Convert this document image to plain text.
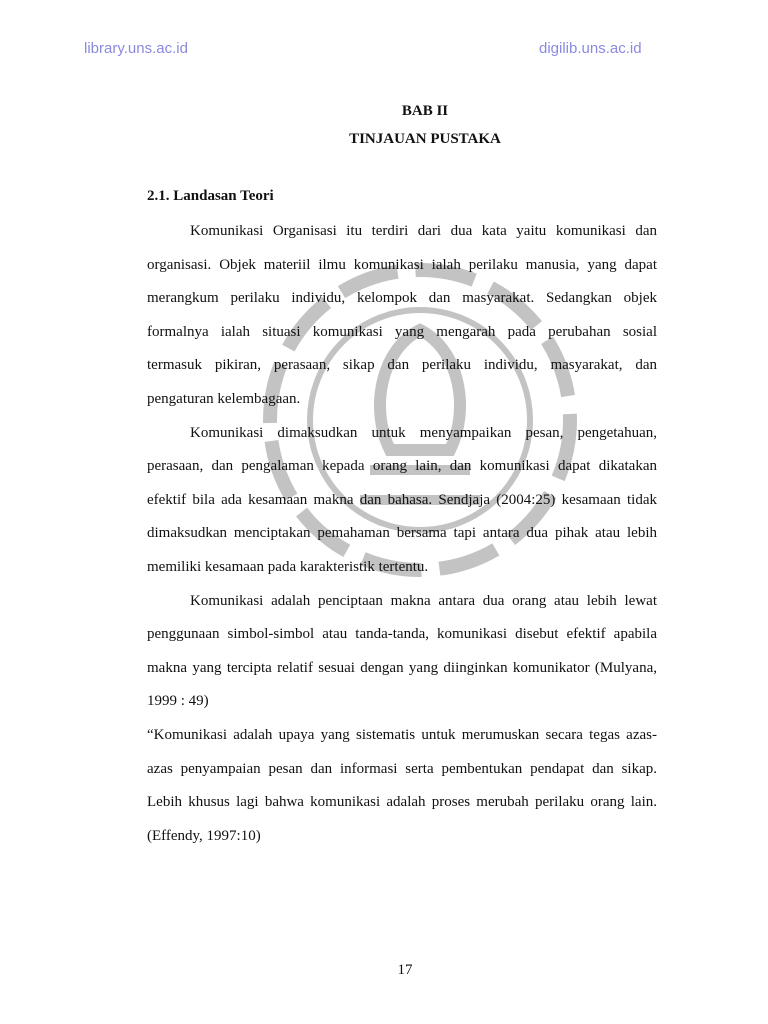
library.uns.ac.id	digilib.uns.ac.id
BAB II
TINJAUAN PUSTAKA
2.1. Landasan Teori
Komunikasi Organisasi itu terdiri dari dua kata yaitu komunikasi dan
organisasi. Objek materiil ilmu komunikasi ialah perilaku manusia, yang dapat
merangkum perilaku individu, kelompok dan masyarakat. Sedangkan objek
formalnya ialah situasi komunikasi yang mengarah pada perubahan sosial
termasuk pikiran, perasaan, sikap dan perilaku individu, masyarakat, dan
pengaturan kelembagaan.
Komunikasi dimaksudkan untuk menyampaikan pesan, pengetahuan,
perasaan, dan pengalaman kepada orang lain, dan komunikasi dapat dikatakan
efektif bila ada kesamaan makna dan bahasa. Sendjaja (2004:25) kesamaan tidak
dimaksudkan menciptakan pemahaman bersama tapi antara dua pihak atau lebih
memiliki kesamaan pada karakteristik tertentu.
Komunikasi adalah penciptaan makna antara dua orang atau lebih lewat
penggunaan simbol-simbol atau tanda-tanda, komunikasi disebut efektif apabila
makna yang tercipta relatif sesuai dengan yang diinginkan komunikator (Mulyana,
1999 : 49)
“Komunikasi adalah upaya yang sistematis untuk merumuskan secara tegas azas-
azas penyampaian pesan dan informasi serta pembentukan pendapat dan sikap.
Lebih khusus lagi bahwa komunikasi adalah proses merubah perilaku orang lain.
(Effendy, 1997:10)
17
